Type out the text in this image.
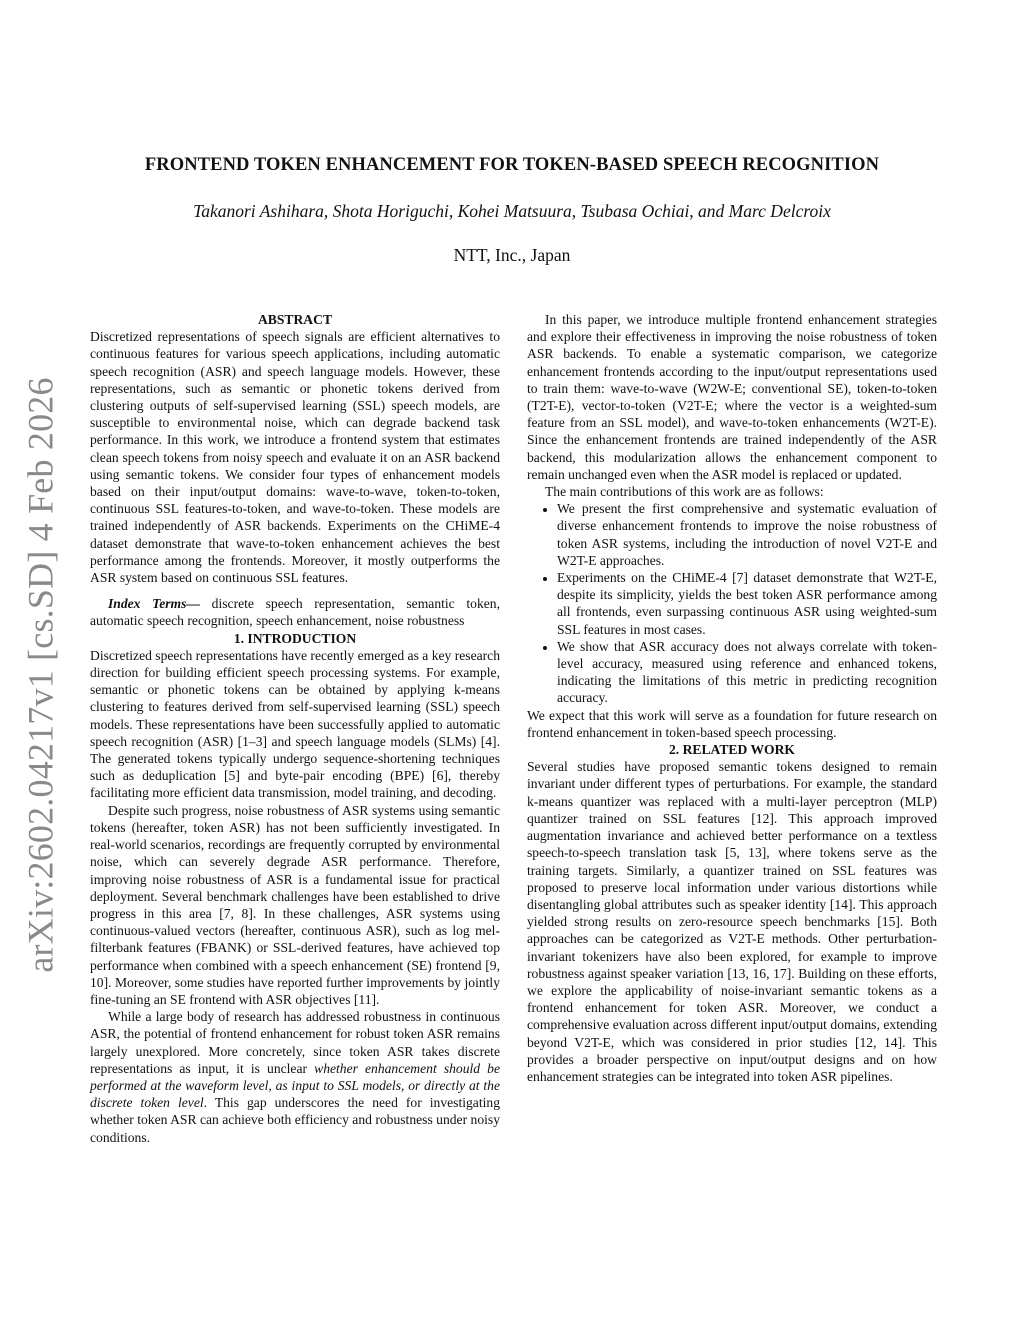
arXiv:2602.04217v1 [cs.SD] 4 Feb 2026
FRONTEND TOKEN ENHANCEMENT FOR TOKEN-BASED SPEECH RECOGNITION
Takanori Ashihara, Shota Horiguchi, Kohei Matsuura, Tsubasa Ochiai, and Marc Delcroix
NTT, Inc., Japan

ABSTRACT

Discretized representations of speech signals are efficient alternatives to continuous features for various speech applications, including automatic speech recognition (ASR) and speech language models. However, these representations, such as semantic or phonetic tokens derived from clustering outputs of self-supervised learning (SSL) speech models, are susceptible to environmental noise, which can degrade backend task performance. In this work, we introduce a frontend system that estimates clean speech tokens from noisy speech and evaluate it on an ASR backend using semantic tokens. We consider four types of enhancement models based on their input/output domains: wave-to-wave, token-to-token, continuous SSL features-to-token, and wave-to-token. These models are trained independently of ASR backends. Experiments on the CHiME-4 dataset demonstrate that wave-to-token enhancement achieves the best performance among the frontends. Moreover, it mostly outperforms the ASR system based on continuous SSL features.

Index Terms— discrete speech representation, semantic token, automatic speech recognition, speech enhancement, noise robustness

1. INTRODUCTION

Discretized speech representations have recently emerged as a key research direction for building efficient speech processing systems. For example, semantic or phonetic tokens can be obtained by applying k-means clustering to features derived from self-supervised learning (SSL) speech models. These representations have been successfully applied to automatic speech recognition (ASR) [1–3] and speech language models (SLMs) [4]. The generated tokens typically undergo sequence-shortening techniques such as deduplication [5] and byte-pair encoding (BPE) [6], thereby facilitating more efficient data transmission, model training, and decoding.

Despite such progress, noise robustness of ASR systems using semantic tokens (hereafter, token ASR) has not been sufficiently investigated. In real-world scenarios, recordings are frequently corrupted by environmental noise, which can severely degrade ASR performance. Therefore, improving noise robustness of ASR is a fundamental issue for practical deployment. Several benchmark challenges have been established to drive progress in this area [7, 8]. In these challenges, ASR systems using continuous-valued vectors (hereafter, continuous ASR), such as log mel-filterbank features (FBANK) or SSL-derived features, have achieved top performance when combined with a speech enhancement (SE) frontend [9, 10]. Moreover, some studies have reported further improvements by jointly fine-tuning an SE frontend with ASR objectives [11].

While a large body of research has addressed robustness in continuous ASR, the potential of frontend enhancement for robust token ASR remains largely unexplored. More concretely, since token ASR takes discrete representations as input, it is unclear whether enhancement should be performed at the waveform level, as input to SSL models, or directly at the discrete token level. This gap underscores the need for investigating whether token ASR can achieve both efficiency and robustness under noisy conditions.

In this paper, we introduce multiple frontend enhancement strategies and explore their effectiveness in improving the noise robustness of token ASR backends. To enable a systematic comparison, we categorize enhancement frontends according to the input/output representations used to train them: wave-to-wave (W2W-E; conventional SE), token-to-token (T2T-E), vector-to-token (V2T-E; where the vector is a weighted-sum feature from an SSL model), and wave-to-token enhancements (W2T-E). Since the enhancement frontends are trained independently of the ASR backend, this modularization allows the enhancement component to remain unchanged even when the ASR model is replaced or updated.

The main contributions of this work are as follows:

• We present the first comprehensive and systematic evaluation of diverse enhancement frontends to improve the noise robustness of token ASR systems, including the introduction of novel V2T-E and W2T-E approaches.
• Experiments on the CHiME-4 [7] dataset demonstrate that W2T-E, despite its simplicity, yields the best token ASR performance among all frontends, even surpassing continuous ASR using weighted-sum SSL features in most cases.
• We show that ASR accuracy does not always correlate with token-level accuracy, measured using reference and enhanced tokens, indicating the limitations of this metric in predicting recognition accuracy.

We expect that this work will serve as a foundation for future research on frontend enhancement in token-based speech processing.

2. RELATED WORK

Several studies have proposed semantic tokens designed to remain invariant under different types of perturbations. For example, the standard k-means quantizer was replaced with a multi-layer perceptron (MLP) quantizer trained on SSL features [12]. This approach improved augmentation invariance and achieved better performance on a textless speech-to-speech translation task [5, 13], where tokens serve as the training targets. Similarly, a quantizer trained on SSL features was proposed to preserve local information under various distortions while disentangling global attributes such as speaker identity [14]. This approach yielded strong results on zero-resource speech benchmarks [15]. Both approaches can be categorized as V2T-E methods. Other perturbation-invariant tokenizers have also been explored, for example to improve robustness against speaker variation [13, 16, 17]. Building on these efforts, we explore the applicability of noise-invariant semantic tokens as a frontend enhancement for token ASR. Moreover, we conduct a comprehensive evaluation across different input/output domains, extending beyond V2T-E, which was considered in prior studies [12, 14]. This provides a broader perspective on input/output designs and on how enhancement strategies can be integrated into token ASR pipelines.
